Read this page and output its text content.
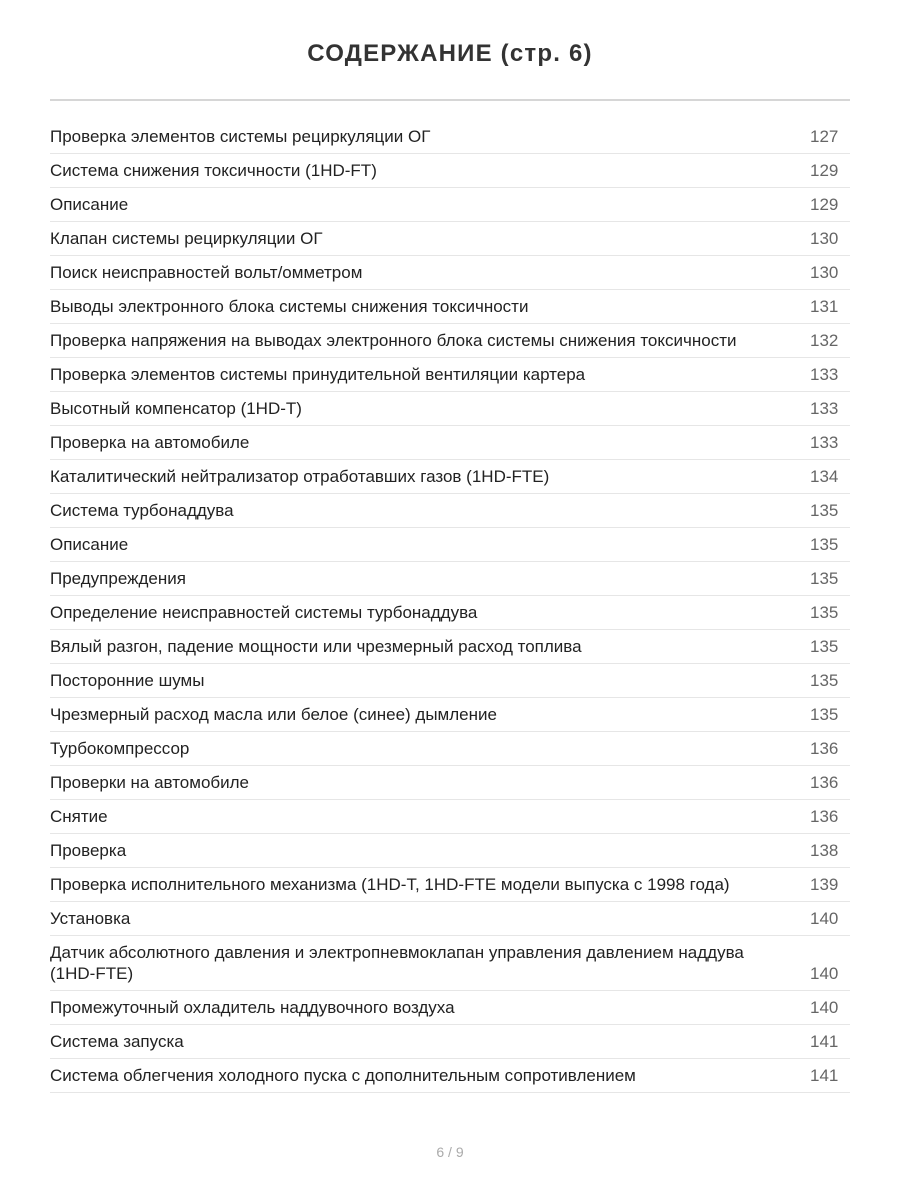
СОДЕРЖАНИЕ (стр. 6)
Проверка элементов системы рециркуляции ОГ	127
Система снижения токсичности (1HD-FT)	129
Описание	129
Клапан системы рециркуляции ОГ	130
Поиск неисправностей вольт/омметром	130
Выводы электронного блока системы снижения токсичности	131
Проверка напряжения на выводах электронного блока системы снижения токсичности	132
Проверка элементов системы принудительной вентиляции картера	133
Высотный компенсатор (1HD-T)	133
Проверка на автомобиле	133
Каталитический нейтрализатор отработавших газов (1HD-FTE)	134
Система турбонаддува	135
Описание	135
Предупреждения	135
Определение неисправностей системы турбонаддува	135
Вялый разгон, падение мощности или чрезмерный расход топлива	135
Посторонние шумы	135
Чрезмерный расход масла или белое (синее) дымление	135
Турбокомпрессор	136
Проверки на автомобиле	136
Снятие	136
Проверка	138
Проверка исполнительного механизма (1HD-T, 1HD-FTE модели выпуска с 1998 года)	139
Установка	140
Датчик абсолютного давления и электропневмоклапан управления давлением наддува (1HD-FTE)	140
Промежуточный охладитель наддувочного воздуха	140
Система запуска	141
Система облегчения холодного пуска с дополнительным сопротивлением	141
6 / 9
